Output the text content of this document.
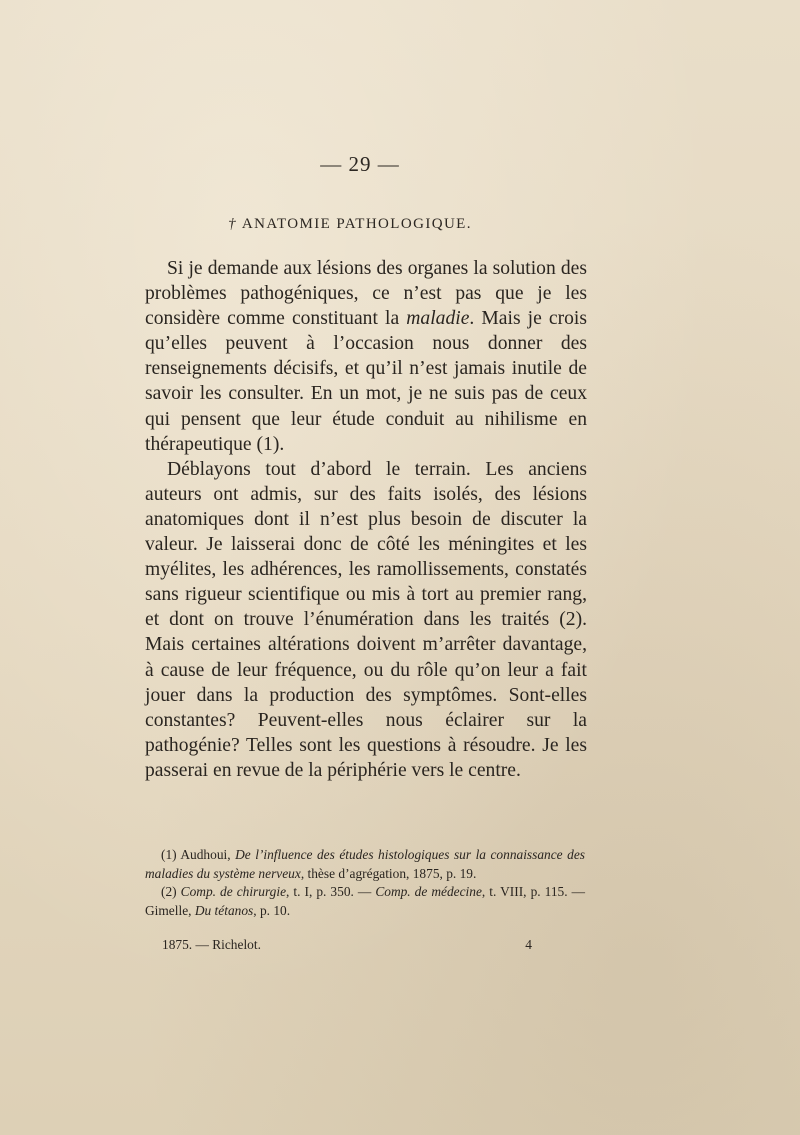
— 29 —
† ANATOMIE PATHOLOGIQUE.

Si je demande aux lésions des organes la solution des problèmes pathogéniques, ce n’est pas que je les considère comme constituant la maladie. Mais je crois qu’elles peuvent à l’occasion nous donner des renseignements décisifs, et qu’il n’est jamais inutile de savoir les consulter. En un mot, je ne suis pas de ceux qui pensent que leur étude conduit au nihilisme en thérapeutique (1).

Déblayons tout d’abord le terrain. Les anciens auteurs ont admis, sur des faits isolés, des lésions anatomiques dont il n’est plus besoin de discuter la valeur. Je laisserai donc de côté les méningites et les myélites, les adhérences, les ramollissements, constatés sans rigueur scientifique ou mis à tort au premier rang, et dont on trouve l’énumération dans les traités (2). Mais certaines altérations doivent m’arrêter davantage, à cause de leur fréquence, ou du rôle qu’on leur a fait jouer dans la production des symptômes. Sont-elles constantes? Peuvent-elles nous éclairer sur la pathogénie? Telles sont les questions à résoudre. Je les passerai en revue de la périphérie vers le centre.

(1) Audhoui, De l’influence des études histologiques sur la connaissance des maladies du système nerveux, thèse d’agrégation, 1875, p. 19.

(2) Comp. de chirurgie, t. I, p. 350. — Comp. de médecine, t. VIII, p. 115. — Gimelle, Du tétanos, p. 10.

1875. — Richelot.	4
